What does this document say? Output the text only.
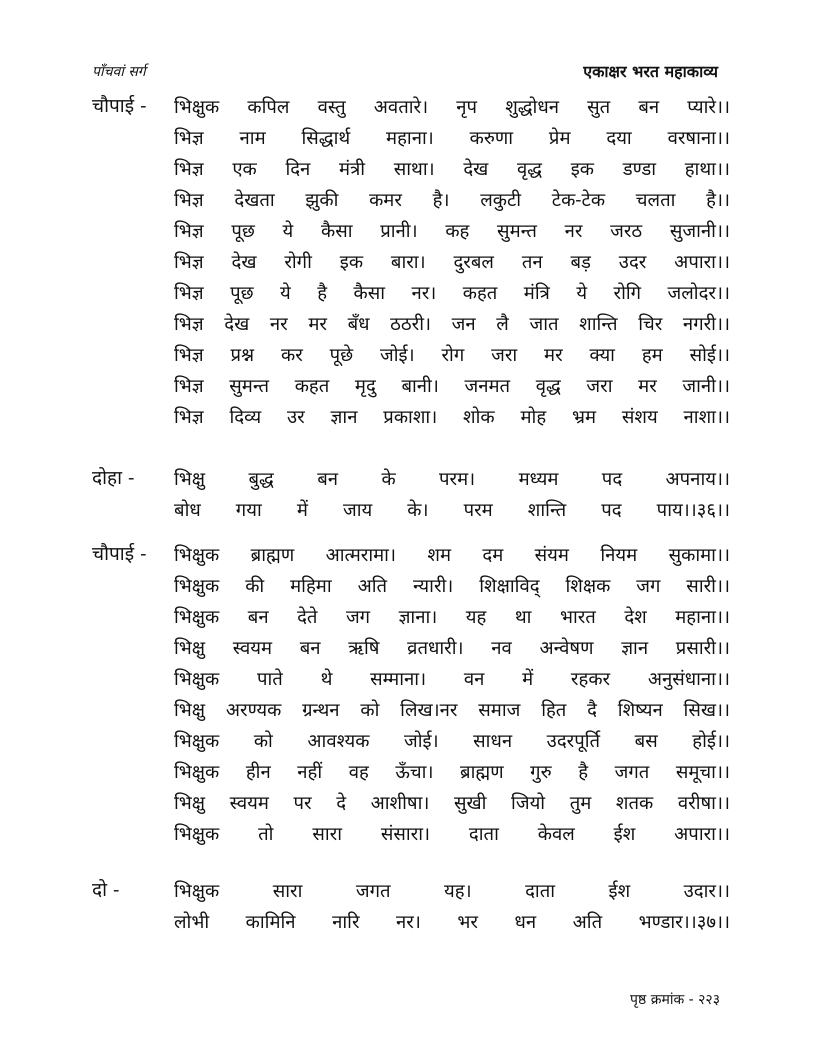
पाँचवां सर्ग	एकाक्षर भरत महाकाव्य
चौपाई - भिक्षुक कपिल वस्तु अवतारे। नृप शुद्धोधन सुत बन प्यारे।।
भिज्ञ नाम सिद्धार्थ महाना। करुणा प्रेम दया वरषाना।।
भिज्ञ एक दिन मंत्री साथा। देख वृद्ध इक डण्डा हाथा।।
भिज्ञ देखता झुकी कमर है। लकुटी टेक-टेक चलता है।।
भिज्ञ पूछ ये कैसा प्रानी। कह सुमन्त नर जरठ सुजानी।।
भिज्ञ देख रोगी इक बारा। दुरबल तन बड़ उदर अपारा।।
भिज्ञ पूछ ये है कैसा नर। कहत मंत्रि ये रोगि जलोदर।।
भिज्ञ देख नर मर बँध ठठरी। जन लै जात शान्ति चिर नगरी।।
भिज्ञ प्रश्न कर पूछे जोई। रोग जरा मर क्या हम सोई।।
भिज्ञ सुमन्त कहत मृदु बानी। जनमत वृद्ध जरा मर जानी।।
भिज्ञ दिव्य उर ज्ञान प्रकाशा। शोक मोह भ्रम संशय नाशा।।
दोहा - भिक्षु बुद्ध बन के परम। मध्यम पद अपनाय।।
बोध गया में जाय के। परम शान्ति पद पाय।।३६।।
चौपाई - भिक्षुक ब्राह्मण आत्मरामा। शम दम संयम नियम सुकामा।।
भिक्षुक की महिमा अति न्यारी। शिक्षाविद् शिक्षक जग सारी।।
भिक्षुक बन देते जग ज्ञाना। यह था भारत देश महाना।।
भिक्षु स्वयम बन ऋषि व्रतधारी। नव अन्वेषण ज्ञान प्रसारी।।
भिक्षुक पाते थे सम्माना। वन में रहकर अनुसंधाना।।
भिक्षु अरण्यक ग्रन्थन को लिख।नर समाज हित दै शिष्यन सिख।।
भिक्षुक को आवश्यक जोई। साधन उदरपूर्ति बस होई।।
भिक्षुक हीन नहीं वह ऊँचा। ब्राह्मण गुरु है जगत समूचा।।
भिक्षु स्वयम पर दे आशीषा। सुखी जियो तुम शतक वरीषा।।
भिक्षुक तो सारा संसारा। दाता केवल ईश अपारा।।
दो -	भिक्षुक सारा जगत यह। दाता ईश उदार।।
लोभी कामिनि नारि नर। भर धन अति भण्डार।।३७।।
पृष्ठ क्रमांक - २२३
